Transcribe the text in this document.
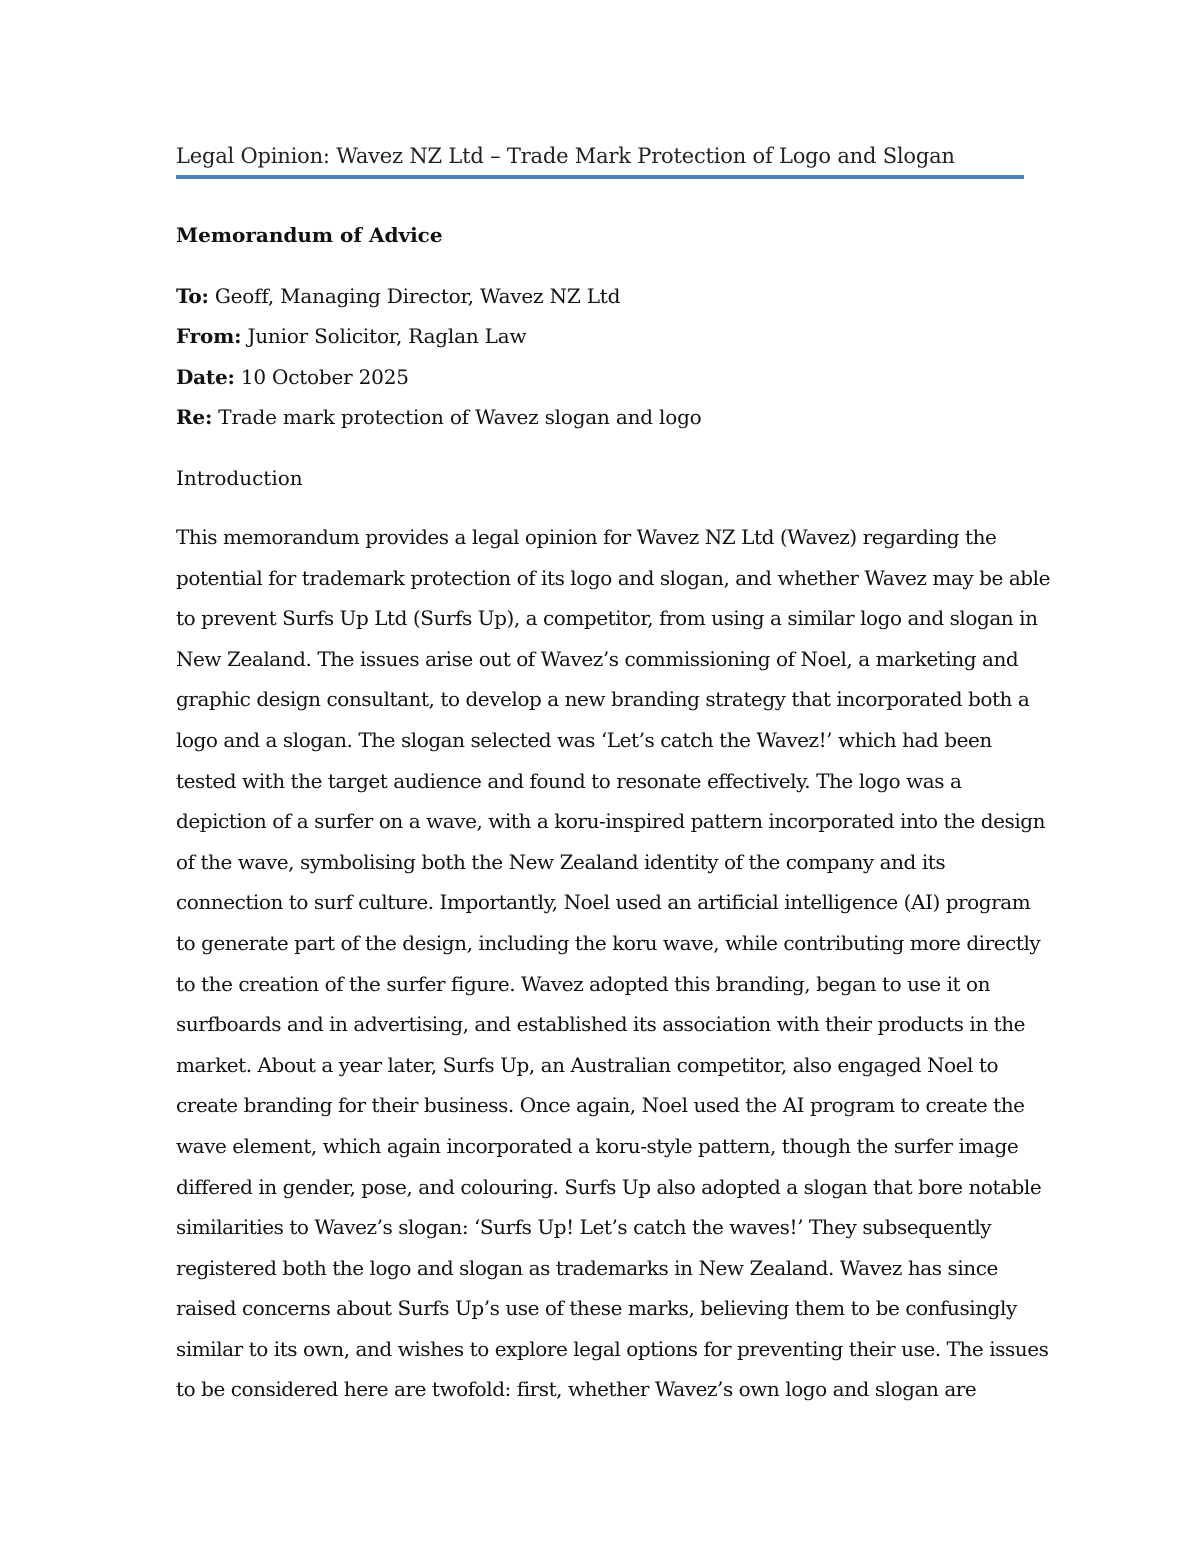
Legal Opinion: Wavez NZ Ltd – Trade Mark Protection of Logo and Slogan
Memorandum of Advice
To: Geoff, Managing Director, Wavez NZ Ltd
From: Junior Solicitor, Raglan Law
Date: 10 October 2025
Re: Trade mark protection of Wavez slogan and logo
Introduction
This memorandum provides a legal opinion for Wavez NZ Ltd (Wavez) regarding the
potential for trademark protection of its logo and slogan, and whether Wavez may be able
to prevent Surfs Up Ltd (Surfs Up), a competitor, from using a similar logo and slogan in
New Zealand. The issues arise out of Wavez’s commissioning of Noel, a marketing and
graphic design consultant, to develop a new branding strategy that incorporated both a
logo and a slogan. The slogan selected was ‘Let’s catch the Wavez!’ which had been
tested with the target audience and found to resonate effectively. The logo was a
depiction of a surfer on a wave, with a koru-inspired pattern incorporated into the design
of the wave, symbolising both the New Zealand identity of the company and its
connection to surf culture. Importantly, Noel used an artificial intelligence (AI) program
to generate part of the design, including the koru wave, while contributing more directly
to the creation of the surfer figure. Wavez adopted this branding, began to use it on
surfboards and in advertising, and established its association with their products in the
market. About a year later, Surfs Up, an Australian competitor, also engaged Noel to
create branding for their business. Once again, Noel used the AI program to create the
wave element, which again incorporated a koru-style pattern, though the surfer image
differed in gender, pose, and colouring. Surfs Up also adopted a slogan that bore notable
similarities to Wavez’s slogan: ‘Surfs Up! Let’s catch the waves!’ They subsequently
registered both the logo and slogan as trademarks in New Zealand. Wavez has since
raised concerns about Surfs Up’s use of these marks, believing them to be confusingly
similar to its own, and wishes to explore legal options for preventing their use. The issues
to be considered here are twofold: first, whether Wavez’s own logo and slogan are
